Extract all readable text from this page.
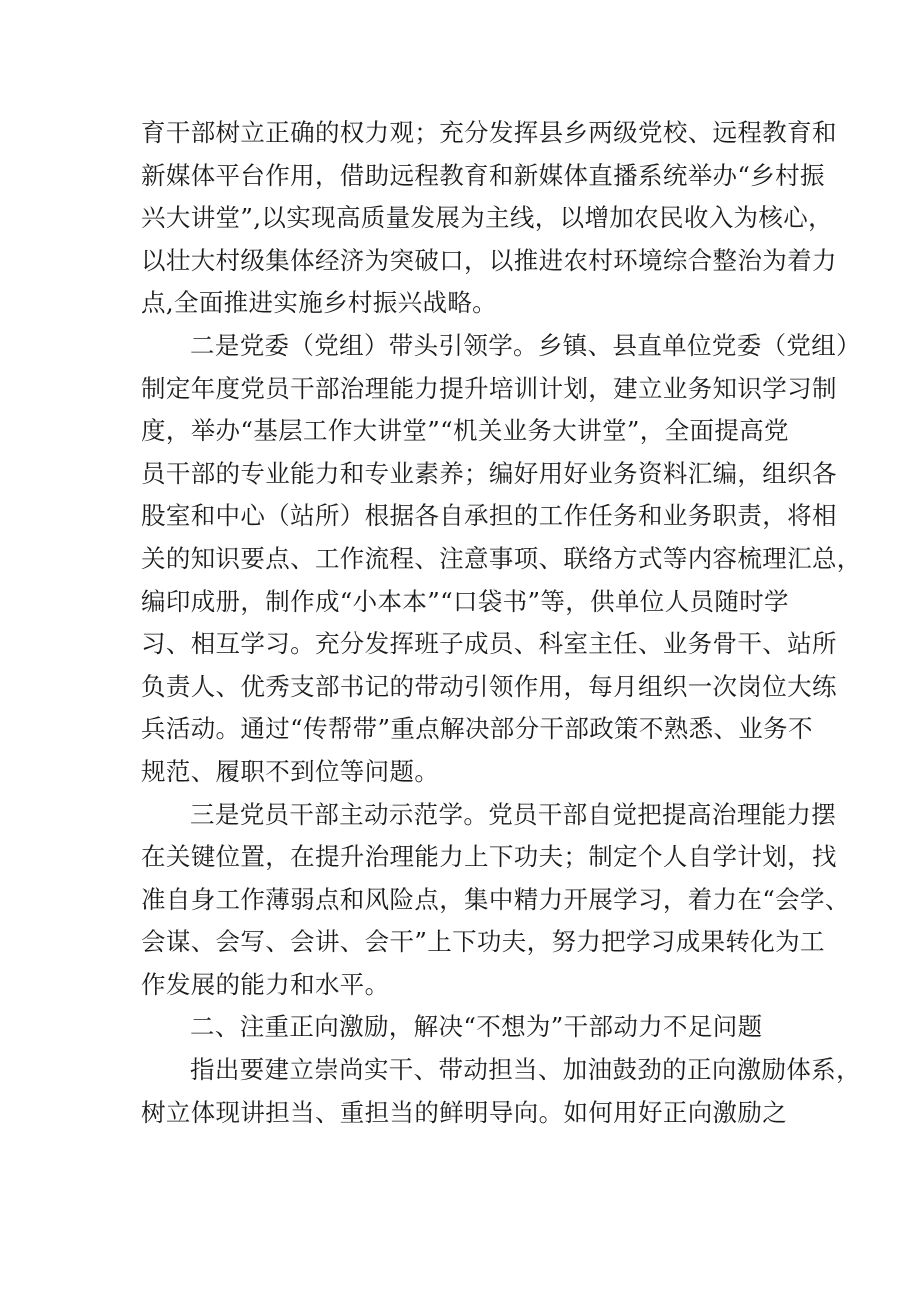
育干部树立正确的权力观；充分发挥县乡两级党校、远程教育和
新媒体平台作用，借助远程教育和新媒体直播系统举办“乡村振
兴大讲堂”,以实现高质量发展为主线，以增加农民收入为核心，
以壮大村级集体经济为突破口，以推进农村环境综合整治为着力
点,全面推进实施乡村振兴战略。
二是党委（党组）带头引领学。乡镇、县直单位党委（党组）
制定年度党员干部治理能力提升培训计划，建立业务知识学习制
度，举办“基层工作大讲堂”“机关业务大讲堂”，全面提高党
员干部的专业能力和专业素养；编好用好业务资料汇编，组织各
股室和中心（站所）根据各自承担的工作任务和业务职责，将相
关的知识要点、工作流程、注意事项、联络方式等内容梳理汇总，
编印成册，制作成“小本本”“口袋书”等，供单位人员随时学
习、相互学习。充分发挥班子成员、科室主任、业务骨干、站所
负责人、优秀支部书记的带动引领作用，每月组织一次岗位大练
兵活动。通过“传帮带”重点解决部分干部政策不熟悉、业务不
规范、履职不到位等问题。
三是党员干部主动示范学。党员干部自觉把提高治理能力摆
在关键位置，在提升治理能力上下功夫；制定个人自学计划，找
准自身工作薄弱点和风险点，集中精力开展学习，着力在“会学、
会谋、会写、会讲、会干”上下功夫，努力把学习成果转化为工
作发展的能力和水平。
二、注重正向激励，解决“不想为”干部动力不足问题
指出要建立崇尚实干、带动担当、加油鼓劲的正向激励体系，
树立体现讲担当、重担当的鲜明导向。如何用好正向激励之
